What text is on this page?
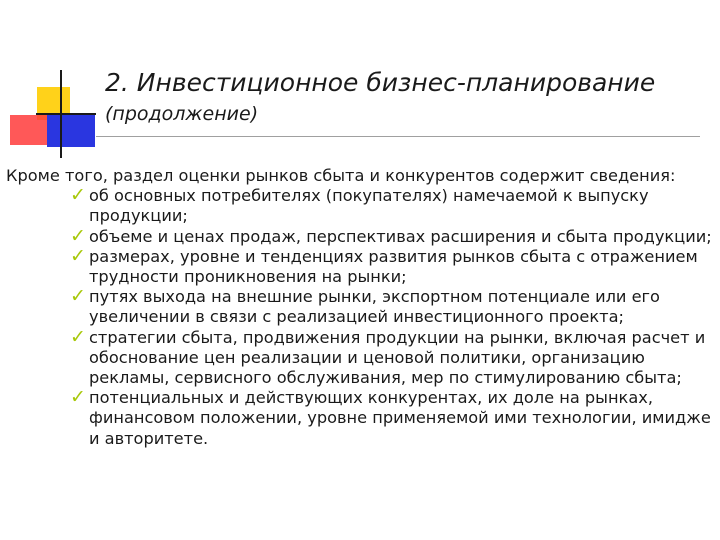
2. Инвестиционное бизнес-планирование
(продолжение)
Кроме того, раздел оценки рынков сбыта и конкурентов содержит сведения:
✓ об основных потребителях (покупателях) намечаемой к выпуску продукции;
✓ объеме и ценах продаж, перспективах расширения и сбыта продукции;
✓ размерах, уровне и тенденциях развития рынков сбыта с отражением трудности проникновения на рынки;
✓ путях выхода на внешние рынки, экспортном потенциале или его увеличении в связи с реализацией инвестиционного проекта;
✓ стратегии сбыта, продвижения продукции на рынки, включая расчет и обоснование цен реализации и ценовой политики, организацию рекламы, сервисного обслуживания, мер по стимулированию сбыта;
✓ потенциальных и действующих конкурентах, их доле на рынках, финансовом положении, уровне применяемой ими технологии, имидже и авторитете.
